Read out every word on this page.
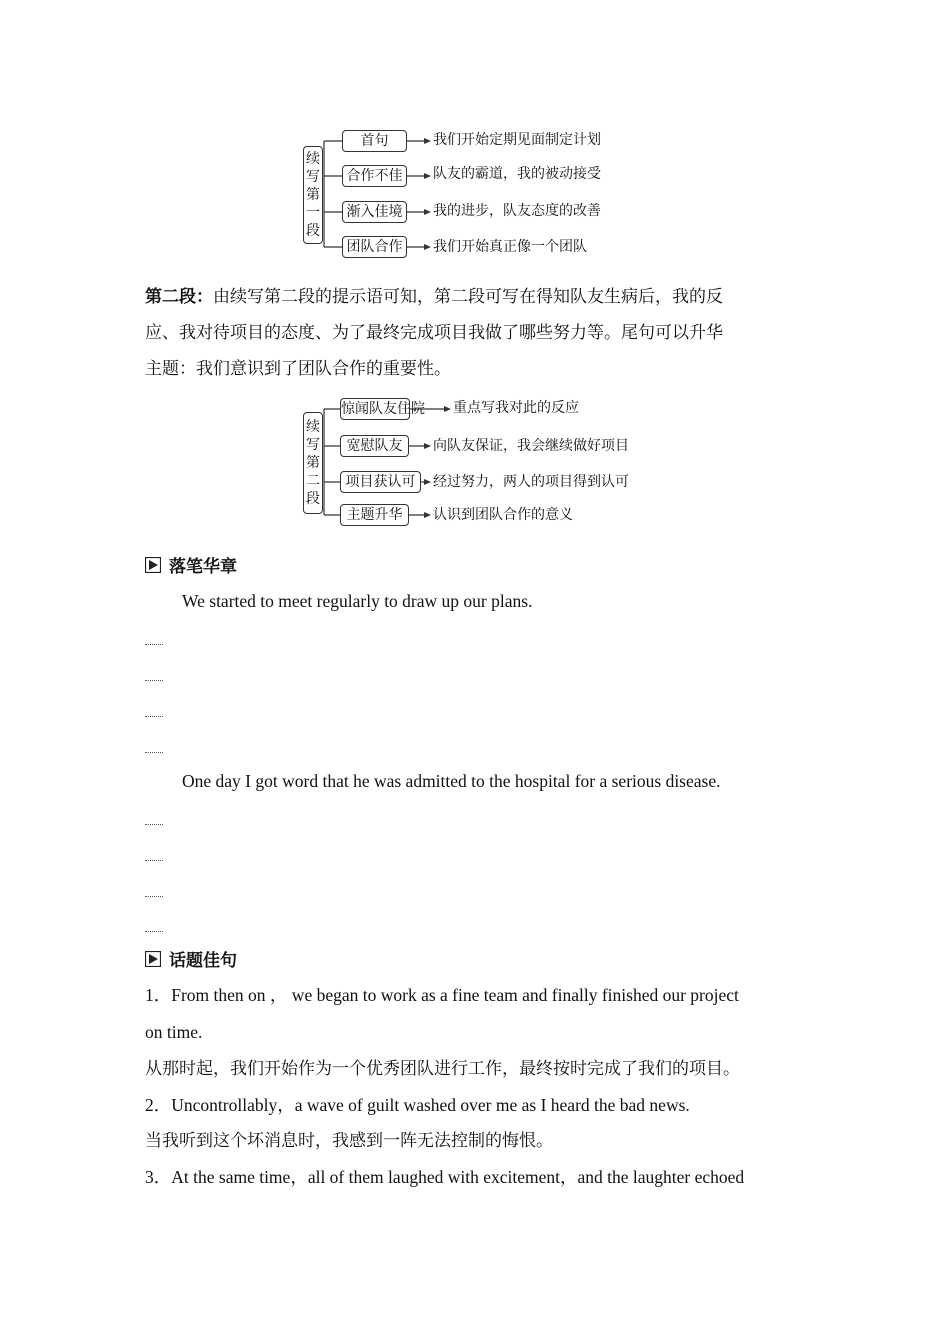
续
写
第
一
段
首句	我们开始定期见面制定计划
合作不佳	队友的霸道，我的被动接受
渐入佳境	我的进步，队友态度的改善
团队合作	我们开始真正像一个团队
第二段：由续写第二段的提示语可知，第二段可写在得知队友生病后，我的反
应、我对待项目的态度、为了最终完成项目我做了哪些努力等。尾句可以升华
主题：我们意识到了团队合作的重要性。
续
写
第
二
段
惊闻队友住院 重点写我对此的反应
宽慰队友	向队友保证，我会继续做好项目
项目获认可	经过努力，两人的项目得到认可
主题升华	认识到团队合作的意义
落笔华章
We started to meet regularly to draw up our plans.
One day I got word that he was admitted to the hospital for a serious disease.
话题佳句
1．From then on ， we began to work as a fine team and finally finished our project
on time.
从那时起，我们开始作为一个优秀团队进行工作，最终按时完成了我们的项目。
2．Uncontrollably，a wave of guilt washed over me as I heard the bad news.
当我听到这个坏消息时，我感到一阵无法控制的悔恨。
3．At the same time，all of them laughed with excitement，and the laughter echoed
